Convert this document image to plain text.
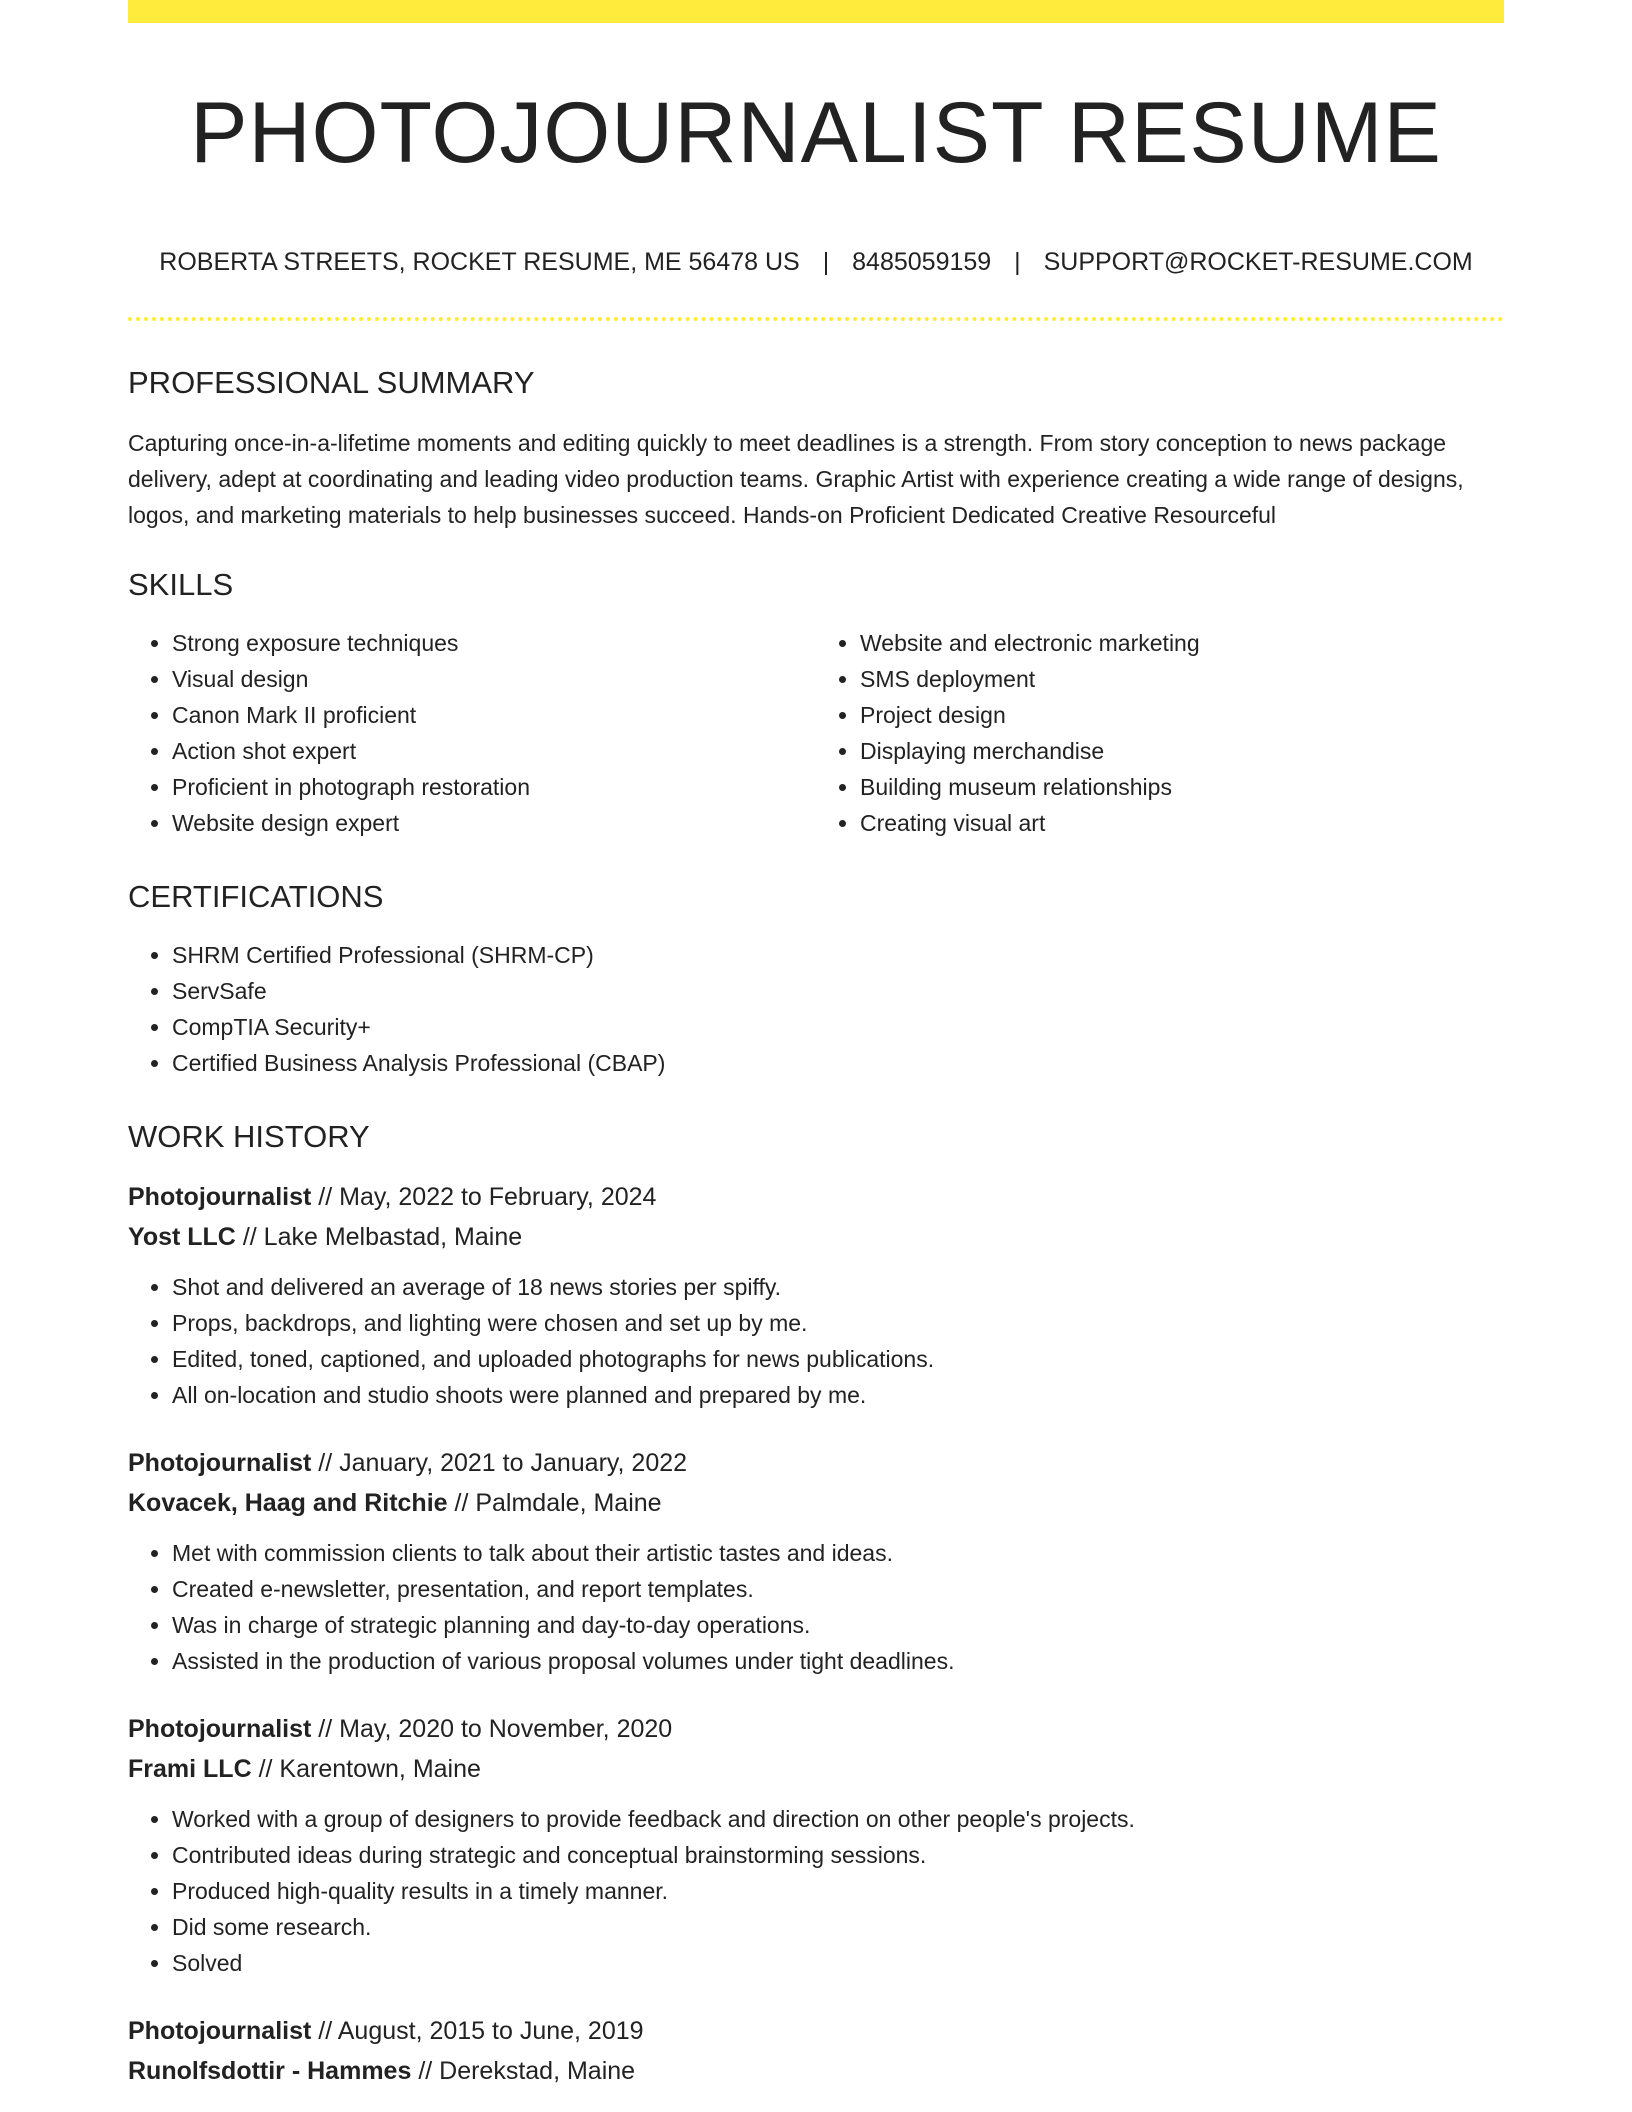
PHOTOJOURNALIST RESUME
ROBERTA STREETS, ROCKET RESUME, ME 56478 US | 8485059159 | SUPPORT@ROCKET-RESUME.COM
PROFESSIONAL SUMMARY

Capturing once-in-a-lifetime moments and editing quickly to meet deadlines is a strength. From story conception to news package delivery, adept at coordinating and leading video production teams. Graphic Artist with experience creating a wide range of designs, logos, and marketing materials to help businesses succeed. Hands-on Proficient Dedicated Creative Resourceful

SKILLS
• Strong exposure techniques
• Visual design
• Canon Mark II proficient
• Action shot expert
• Proficient in photograph restoration
• Website design expert
• Website and electronic marketing
• SMS deployment
• Project design
• Displaying merchandise
• Building museum relationships
• Creating visual art
CERTIFICATIONS
• SHRM Certified Professional (SHRM-CP)
• ServSafe
• CompTIA Security+
• Certified Business Analysis Professional (CBAP)
WORK HISTORY
Photojournalist // May, 2022 to February, 2024
Yost LLC // Lake Melbastad, Maine
• Shot and delivered an average of 18 news stories per spiffy.
• Props, backdrops, and lighting were chosen and set up by me.
• Edited, toned, captioned, and uploaded photographs for news publications.
• All on-location and studio shoots were planned and prepared by me.
Photojournalist // January, 2021 to January, 2022
Kovacek, Haag and Ritchie // Palmdale, Maine
• Met with commission clients to talk about their artistic tastes and ideas.
• Created e-newsletter, presentation, and report templates.
• Was in charge of strategic planning and day-to-day operations.
• Assisted in the production of various proposal volumes under tight deadlines.
Photojournalist // May, 2020 to November, 2020
Frami LLC // Karentown, Maine
• Worked with a group of designers to provide feedback and direction on other people's projects.
• Contributed ideas during strategic and conceptual brainstorming sessions.
• Produced high-quality results in a timely manner.
• Did some research.
• Solved
Photojournalist // August, 2015 to June, 2019
Runolfsdottir - Hammes // Derekstad, Maine
